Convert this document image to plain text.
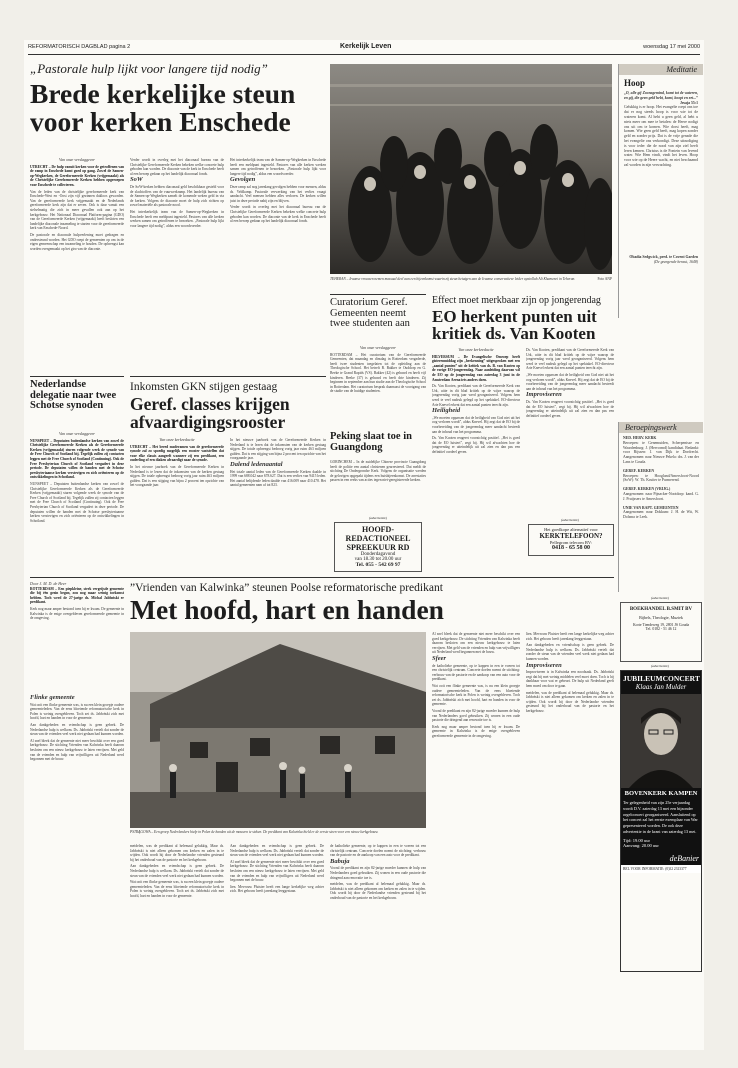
REFORMATORISCH DAGBLAD pagina 2	Kerkelijk Leven	woensdag 17 mei 2000
„Pastorale hulp lijkt voor langere tijd nodig”
Brede kerkelijke steun voor kerken Enschede
Van onze verslaggever

UTRECHT – De hulp vanuit kerken voor de getroffenen van de ramp in Enschede komt goed op gang. Zowel de Samen-op-Wegkerken, de Gereformeerde Kerken (vrijgemaakt) als de Christelijke Gereformeerde Kerken hebben opgeroepen voor Enschede te collecteren.

Van de leden van de christelijke gereformeerde kerk van Enschede-West en -Oost zijn vijf gezinnen dakloos geworden. Van de gereformeerde kerk vrijgemaakt en de Nederlands gereformeerde kerk zijn dat er zeven. Ook is daar vanuit een stelselmatig die zich in meer gevallen ook aan op het kerkgebouw. Het Nationaal Diaconaal Platform-pagina (GDO) van de Gereformeerde Kerken (vrijgemaakt) heeft besloten een landelijke diaconale inzameling te starten voor de gereformeerde kerk van Enschede-Noord.

De pastorale en diaconale hulpverlening moet gedragen en ondersteund worden. Het GDO roept de gemeenten op om in de eigen gemeenschap een inzameling te houden. De opbrengst kan worden overgemaakt op het giro van de diaconie.

Verder wordt in overleg met het diaconaal bureau van de Christelijke Gereformeerde Kerken bekeken welke concrete hulp geboden kan worden. De diaconie van de kerk in Enschede heeft al een beroep gedaan op het landelijk diaconaal fonds.

SoW

De SoW-kerken hebben diaconaal geld beschikbaar gesteld voor de slachtoffers van de vuurwerkramp. Het landelijk bureau van de Samen-op-Wegkerken zamelt de komende weken geld in via de kerken. Volgens de diaconie moet de hulp zich richten op zowel materiële als pastorale nood.

Het interkerkelijk team van de Samen-op-Wegkerken in Enschede heeft een meldpunt ingesteld. Pastores van alle kerken werken samen om getroffenen te bezoeken. „Pastorale hulp lijkt voor langere tijd nodig”, aldus een woordvoerder.

Het interkerkelijk team van de Samen-op-Wegkerken in Enschede heeft een meldpunt ingesteld. Pastores van alle kerken werken samen om getroffenen te bezoeken. „Pastorale hulp lijkt voor langere tijd nodig”, aldus een woordvoerder.

Gevolgen

Deze ramp zal nog jarenlang gevolgen hebben voor mensen, aldus ds. Veldkamp. Pastorale verwerking van het verlies vraagt aandacht. Veel mensen hebben alles verloren. De kerken willen juist in deze periode nabij zijn en blijven.

Verder wordt in overleg met het diaconaal bureau van de Christelijke Gereformeerde Kerken bekeken welke concrete hulp geboden kan worden. De diaconie van de kerk in Enschede heeft al een beroep gedaan op het landelijk diaconaal fonds.

TEHERAN – Iraanse vrouwen nemen massaal deel aan een bijeenkomst waarin zij steun betuigen aan de Iraanse conservatieve leider ayatollah Ali Khamenei in Teheran.	Foto ANP
Meditatie
Hoop
„O, alle gij Zoonsgemind, komt tot de wateren, en gij, die geen geld hebt, komt, koopt en eet...”
Jesaja 55:1
Gelukkig is er hoop. Het evangelie roept ons toe dat er nog steeds hoop is voor wie tot de wateren komt. Al hebt u geen geld, al hebt u niets meer om mee te betalen: de Heere nodigt ons uit om te komen. Wie dorst heeft, mag komen. Wie geen geld heeft, mag kopen zonder geld en zonder prijs. Dat is de vrije genade die het evangelie ons verkondigt. Deze uitnodiging is voor ieder die de nood van zijn ziel heeft leren kennen. Christus is de Fontein van levend water. Wie Hem vindt, vindt het leven. Hoop voor wie op de Heere wacht, en niet beschaamd zal worden in zijn verwachting.
Obadia Sedgwick, pred. te Covent Garden
(De gezegende heraut, 1648)
Beroepingswerk
NED. HERV. KERK
Beroepen: te Genemuiden, Scherpenisse en Waardenburg: J. (Hervormd) kandidaat. Bedankt: voor Rijssen: J. van Dijk te Dordrecht. Aangenomen: naar Nieuwe Pekela: drs. J. van der Lans te Gouda.
GEREF. KERKEN
Beroepen: te Hoogland/Amersfoort-Noord (SoW): W. Th. Kruiter te Purmerend.
GEREF. KERKEN (VRIJG.)
Aangenomen: naar Pijnacker-Nootdorp: kand. G. J. Pruijssers te Amersfoort.
UNIE VAN BAPT. GEMEENTEN
Aangenomen: naar Dokkum: J. H. de Wit, W. Dolsma te Leek.
Curatorium Geref. Gemeenten neemt twee studenten aan
Van onze verslaggever

ROTTERDAM – Het curatorium van de Gereformeerde Gemeenten, dat maandag en dinsdag in Rotterdam vergaderde, heeft twee studenten toegelaten tot de opleiding aan de Theologische School. Het betreft B. Bakker te Ouddorp en G. Beeke te Grand Rapids (VS). Bakker (42) is gehuwd en heeft vijf kinderen. Beeke (37) is gehuwd en heeft drie kinderen. Zij beginnen in september aan hun studie aan de Theologische School in Rotterdam. Het curatorium besprak daarnaast de voortgang van de studie van de huidige studenten.

Peking slaat toe in Guangdong

GORINCHEM – In de zuidelijke Chinese provincie Guangdong heeft de politie een aantal christenen gearresteerd. Dat meldt de stichting De Ondergrondse Kerk. Volgens de organisatie werden de gelovigen opgepakt tijdens een huisbijeenkomst. De arrestaties passen in een reeks van acties tegen niet-geregistreerde kerken.

(advertentie)
HOOFD-
REDACTIONEEL
SPREEKUUR RD
Donderdagavond
van 18.30 tot 20.00 uur
Tel. 055 - 542 69 97
Effect moet merkbaar zijn op jongerendag
EO herkent punten uit kritiek ds. Van Kooten
Van onze kerkredactie

HILVERSUM – De Evangelische Omroep heeft gisterenmiddag zijn „herkenning” uitgesproken met een „aantal punten” uit de kritiek van ds. B. van Kooten op de vorige EO-jongerendag. Naar aanleiding daarvan wil de EO op de jongerendag van zaterdag 3 juni in de Amsterdam Arena iets anders doen.

Ds. Van Kooten, predikant van de Gereformeerde Kerk van Urk, uitte in dit blad kritiek op de wijze waarop de jongerendag vorig jaar werd georganiseerd. Volgens hem werd te veel nadruk gelegd op het spektakel. EO-directeur Arie Knevel erkent dat een aantal punten terecht zijn.

Heiligheid

„We moeten oppassen dat de heiligheid van God niet uit het oog verloren wordt”, aldus Knevel. Hij zegt dat de EO bij de voorbereiding van de jongerendag meer aandacht besteedt aan de inhoud van het programma.

Ds. Van Kooten reageert voorzichtig positief. „Het is goed dat de EO luistert”, zegt hij. Hij wil afwachten hoe de jongerendag er uiteindelijk uit zal zien en dan pas een definitief oordeel geven.

Ds. Van Kooten, predikant van de Gereformeerde Kerk van Urk, uitte in dit blad kritiek op de wijze waarop de jongerendag vorig jaar werd georganiseerd. Volgens hem werd te veel nadruk gelegd op het spektakel. EO-directeur Arie Knevel erkent dat een aantal punten terecht zijn.

„We moeten oppassen dat de heiligheid van God niet uit het oog verloren wordt”, aldus Knevel. Hij zegt dat de EO bij de voorbereiding van de jongerendag meer aandacht besteedt aan de inhoud van het programma.

Improviseren

Ds. Van Kooten reageert voorzichtig positief. „Het is goed dat de EO luistert”, zegt hij. Hij wil afwachten hoe de jongerendag er uiteindelijk uit zal zien en dan pas een definitief oordeel geven.

(advertentie)
Het goedkope alternatief voor
KERKTELEFOON?
Pellegrom telecom BV:
0418 - 65 58 00
Inkomsten GKN stijgen gestaag
Geref. classes krijgen afvaardigingsrooster
Van onze kerkredactie

UTRECHT – Het breed moderamen van de gereformeerde synode zal zo spoedig mogelijk een rooster vaststellen dat voor elke classis aangeeft wanneer zij een predikant, een ouderling of een diaken afvaardigt naar de synode.

In het nieuwe jaarboek van de Gereformeerde Kerken in Nederland is te lezen dat de inkomsten van de kerken gestaag stijgen. De totale opbrengst bedroeg vorig jaar ruim 463 miljoen gulden. Dat is een stijging van bijna 2 procent ten opzichte van het voorgaande jaar.

In het nieuwe jaarboek van de Gereformeerde Kerken in Nederland is te lezen dat de inkomsten van de kerken gestaag stijgen. De totale opbrengst bedroeg vorig jaar ruim 463 miljoen gulden. Dat is een stijging van bijna 2 procent ten opzichte van het voorgaande jaar.

Dalend ledenaantal

Het totale aantal leden van de Gereformeerde Kerken daalde in 1999 van 688.042 naar 678.627. Dat is een verlies van 9415 leden. Het aantal belijdende leden daalde van 416.009 naar 410.478. Het aantal gemeenten nam af tot 823.

Nederlandse delegatie naar twee Schotse synoden
Van onze verslaggever

NUNSPEET – Deputaten buitenlandse kerken van zowel de Christelijke Gereformeerde Kerken als de Gereformeerde Kerken (vrijgemaakt) sturen volgende week de synode van de Free Church of Scotland bij. Tegelijk zullen zij contacten leggen met de Free Church of Scotland (Continuing). Ook de Free Presbyterian Church of Scotland vergadert in deze periode. De deputaten willen de banden met de Schotse presbyteriaanse kerken verstevigen en zich oriënteren op de ontwikkelingen in Schotland.

NUNSPEET – Deputaten buitenlandse kerken van zowel de Christelijke Gereformeerde Kerken als de Gereformeerde Kerken (vrijgemaakt) sturen volgende week de synode van de Free Church of Scotland bij. Tegelijk zullen zij contacten leggen met de Free Church of Scotland (Continuing). Ook de Free Presbyterian Church of Scotland vergadert in deze periode. De deputaten willen de banden met de Schotse presbyteriaanse kerken verstevigen en zich oriënteren op de ontwikkelingen in Schotland.

Door J. M. D. de Heer

ROTTERDAM – Een piepkleine, sterk vergrijsde gemeente die bij één gezin begon, zou nog maar weinig toekomst hebben. Toch werd de 27-jarige ds. Michal Jabłoński er predikant.

Kerk nog maar amper bestond toen hij er kwam. De gemeente in Kalwinka is de enige overgebleven gereformeerde gemeente in de omgeving.

”Vrienden van Kalwinka” steunen Poolse reformatorische predikant
Met hoofd, hart en handen
PSTRĄGOWA – Een groep Nederlanders hielp in Polen de handen uit de mouwen te steken. De predikant van Kalwinka hield er de eerste steen voor een nieuw kerkgebouw.
Flinke gemeente

Wat ooit een flinke gemeente was, is nu een klein groepje oudere gemeenteleden. Van de eens bloeiende reformatorische kerk in Polen is weinig overgebleven. Toch zet ds. Jabłoński zich met hoofd, hart en handen in voor de gemeente.

Aan dankgebeden en vriendschap is geen gebrek. De Nederlandse hulp is welkom. Ds. Jabłoński vertelt dat zonder de steun van de vrienden veel werk niet gedaan had kunnen worden.

Al snel bleek dat de gemeente niet meer beschikt over een goed kerkgebouw. De stichting Vrienden van Kalwinka heeft daarom besloten om een nieuw kerkgebouw te laten verrijzen. Met geld van de vrienden en hulp van vrijwilligers uit Nederland werd begonnen met de bouw.

meidelen, was de predikant al helemaal gelukkig. Maar ds. Jabłoński is niet alleen gekomen om kerken en zalen in te wijden. Ook wordt hij door de Nederlandse vrienden gesteund bij het onderhoud van de pastorie en het kerkgebouw.

Aan dankgebeden en vriendschap is geen gebrek. De Nederlandse hulp is welkom. Ds. Jabłoński vertelt dat zonder de steun van de vrienden veel werk niet gedaan had kunnen worden.

Wat ooit een flinke gemeente was, is nu een klein groepje oudere gemeenteleden. Van de eens bloeiende reformatorische kerk in Polen is weinig overgebleven. Toch zet ds. Jabłoński zich met hoofd, hart en handen in voor de gemeente.

Aan dankgebeden en vriendschap is geen gebrek. De Nederlandse hulp is welkom. Ds. Jabłoński vertelt dat zonder de steun van de vrienden veel werk niet gedaan had kunnen worden.

Al snel bleek dat de gemeente niet meer beschikt over een goed kerkgebouw. De stichting Vrienden van Kalwinka heeft daarom besloten om een nieuw kerkgebouw te laten verrijzen. Met geld van de vrienden en hulp van vrijwilligers uit Nederland werd begonnen met de bouw.

lien. Mevrouw Pluister heeft een lange kerkelijke weg achter zich. Het gebouw heeft jarenlang leeggestaan.

de katholieke gemeente, op te kappen in een te voeren tot een christelijk centrum. Concrete doelen noemt de stichting: verbouw van de pastorie en de aankoop van een auto voor de predikant.

Babuja

Vooral de predikant en zijn 82-jarige moeder kunnen de hulp van Nederlanders goed gebruiken. Zij wonen in een oude pastorie die dringend aan renovatie toe is.

meidelen, was de predikant al helemaal gelukkig. Maar ds. Jabłoński is niet alleen gekomen om kerken en zalen in te wijden. Ook wordt hij door de Nederlandse vrienden gesteund bij het onderhoud van de pastorie en het kerkgebouw.

Al snel bleek dat de gemeente niet meer beschikt over een goed kerkgebouw. De stichting Vrienden van Kalwinka heeft daarom besloten om een nieuw kerkgebouw te laten verrijzen. Met geld van de vrienden en hulp van vrijwilligers uit Nederland werd begonnen met de bouw.

Sfeer

de katholieke gemeente, op te kappen in een te voeren tot een christelijk centrum. Concrete doelen noemt de stichting: verbouw van de pastorie en de aankoop van een auto voor de predikant.

Wat ooit een flinke gemeente was, is nu een klein groepje oudere gemeenteleden. Van de eens bloeiende reformatorische kerk in Polen is weinig overgebleven. Toch zet ds. Jabłoński zich met hoofd, hart en handen in voor de gemeente.

Vooral de predikant en zijn 82-jarige moeder kunnen de hulp van Nederlanders goed gebruiken. Zij wonen in een oude pastorie die dringend aan renovatie toe is.

Kerk nog maar amper bestond toen hij er kwam. De gemeente in Kalwinka is de enige overgebleven gereformeerde gemeente in de omgeving.

lien. Mevrouw Pluister heeft een lange kerkelijke weg achter zich. Het gebouw heeft jarenlang leeggestaan.

Aan dankgebeden en vriendschap is geen gebrek. De Nederlandse hulp is welkom. Ds. Jabłoński vertelt dat zonder de steun van de vrienden veel werk niet gedaan had kunnen worden.

Improviseren

Improviseren is in Kalwinka een noodzaak. Ds. Jabłoński zegt dat hij met weinig middelen veel moet doen. Toch is hij dankbaar voor wat er gebeurt. De hulp uit Nederland geeft hem moed om door te gaan.

meidelen, was de predikant al helemaal gelukkig. Maar ds. Jabłoński is niet alleen gekomen om kerken en zalen in te wijden. Ook wordt hij door de Nederlandse vrienden gesteund bij het onderhoud van de pastorie en het kerkgebouw.

(advertentie)
BOEKHANDEL B.SMIT BV
Bijbels, Theologie, Muziek
Korte Tiendeweg 19, 2801 JS Gouda
Tel. 0182 - 51 46 12
(advertentie)
JUBILEUMCONCERT
Klaas Jan Mulder
BOVENKERK KAMPEN
Ter gelegenheid van zijn 25e verjaardag wordt D.V. zaterdag 13 mei een bijzonder orgelconcert georganiseerd. Aansluitend op het concert zal het eerste exemplaar van War gepresenteerd worden. De ook deze advertentie in de krant van zaterdag 13 mei.
Tijd: 19.00 uur
Aanvang: 20.00 uur
deBanier
BEL VOOR INFORMATIE: (0)52 2313377
